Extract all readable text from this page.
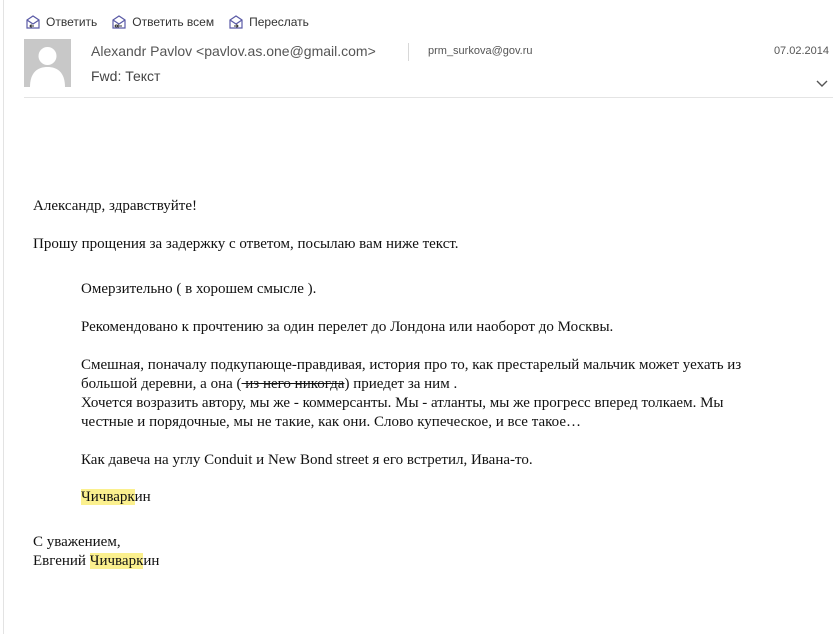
Ответить	Ответить всем	Переслать
Alexandr Pavlov <pavlov.as.one@gmail.com>	prm_surkova@gov.ru	07.02.2014
Fwd: Текст

Александр, здравствуйте!

Прошу прощения за задержку с ответом, посылаю вам ниже текст.

Омерзительно ( в хорошем смысле ).

Рекомендовано к прочтению за один перелет до Лондона или наоборот до Москвы.

Смешная, поначалу подкупающе-правдивая, история про то, как престарелый мальчик может уехать из

большой деревни, а она ( из него никогда) приедет за ним .

Хочется возразить автору, мы же - коммерсанты. Мы - атланты, мы же прогресс вперед толкаем. Мы

честные и порядочные, мы не такие, как они. Слово купеческое, и все такое…

Как давеча на углу Conduit и New Bond street я его встретил, Ивана-то.

Чичваркин

С уважением,

Евгений Чичваркин
